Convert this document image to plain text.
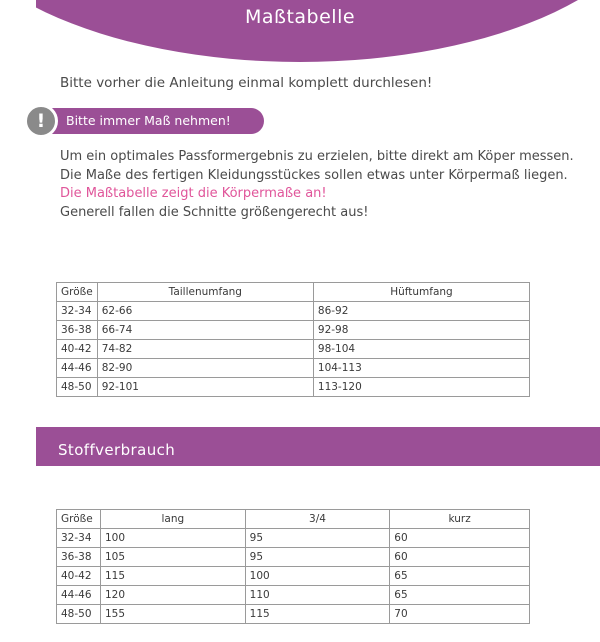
Maßtabelle
Bitte vorher die Anleitung einmal komplett durchlesen!
!	Bitte immer Maß nehmen!
Um ein optimales Passformergebnis zu erzielen, bitte direkt am Köper messen.
Die Maße des fertigen Kleidungsstückes sollen etwas unter Körpermaß liegen.
Die Maßtabelle zeigt die Körpermaße an!
Generell fallen die Schnitte größengerecht aus!
Größe	Taillenumfang	Hüftumfang
32-34	62-66	86-92
36-38	66-74	92-98
40-42	74-82	98-104
44-46	82-90	104-113
48-50	92-101	113-120
Stoffverbrauch
Größe	lang	3/4	kurz
32-34	100	95	60
36-38	105	95	60
40-42	115	100	65
44-46	120	110	65
48-50	155	115	70
